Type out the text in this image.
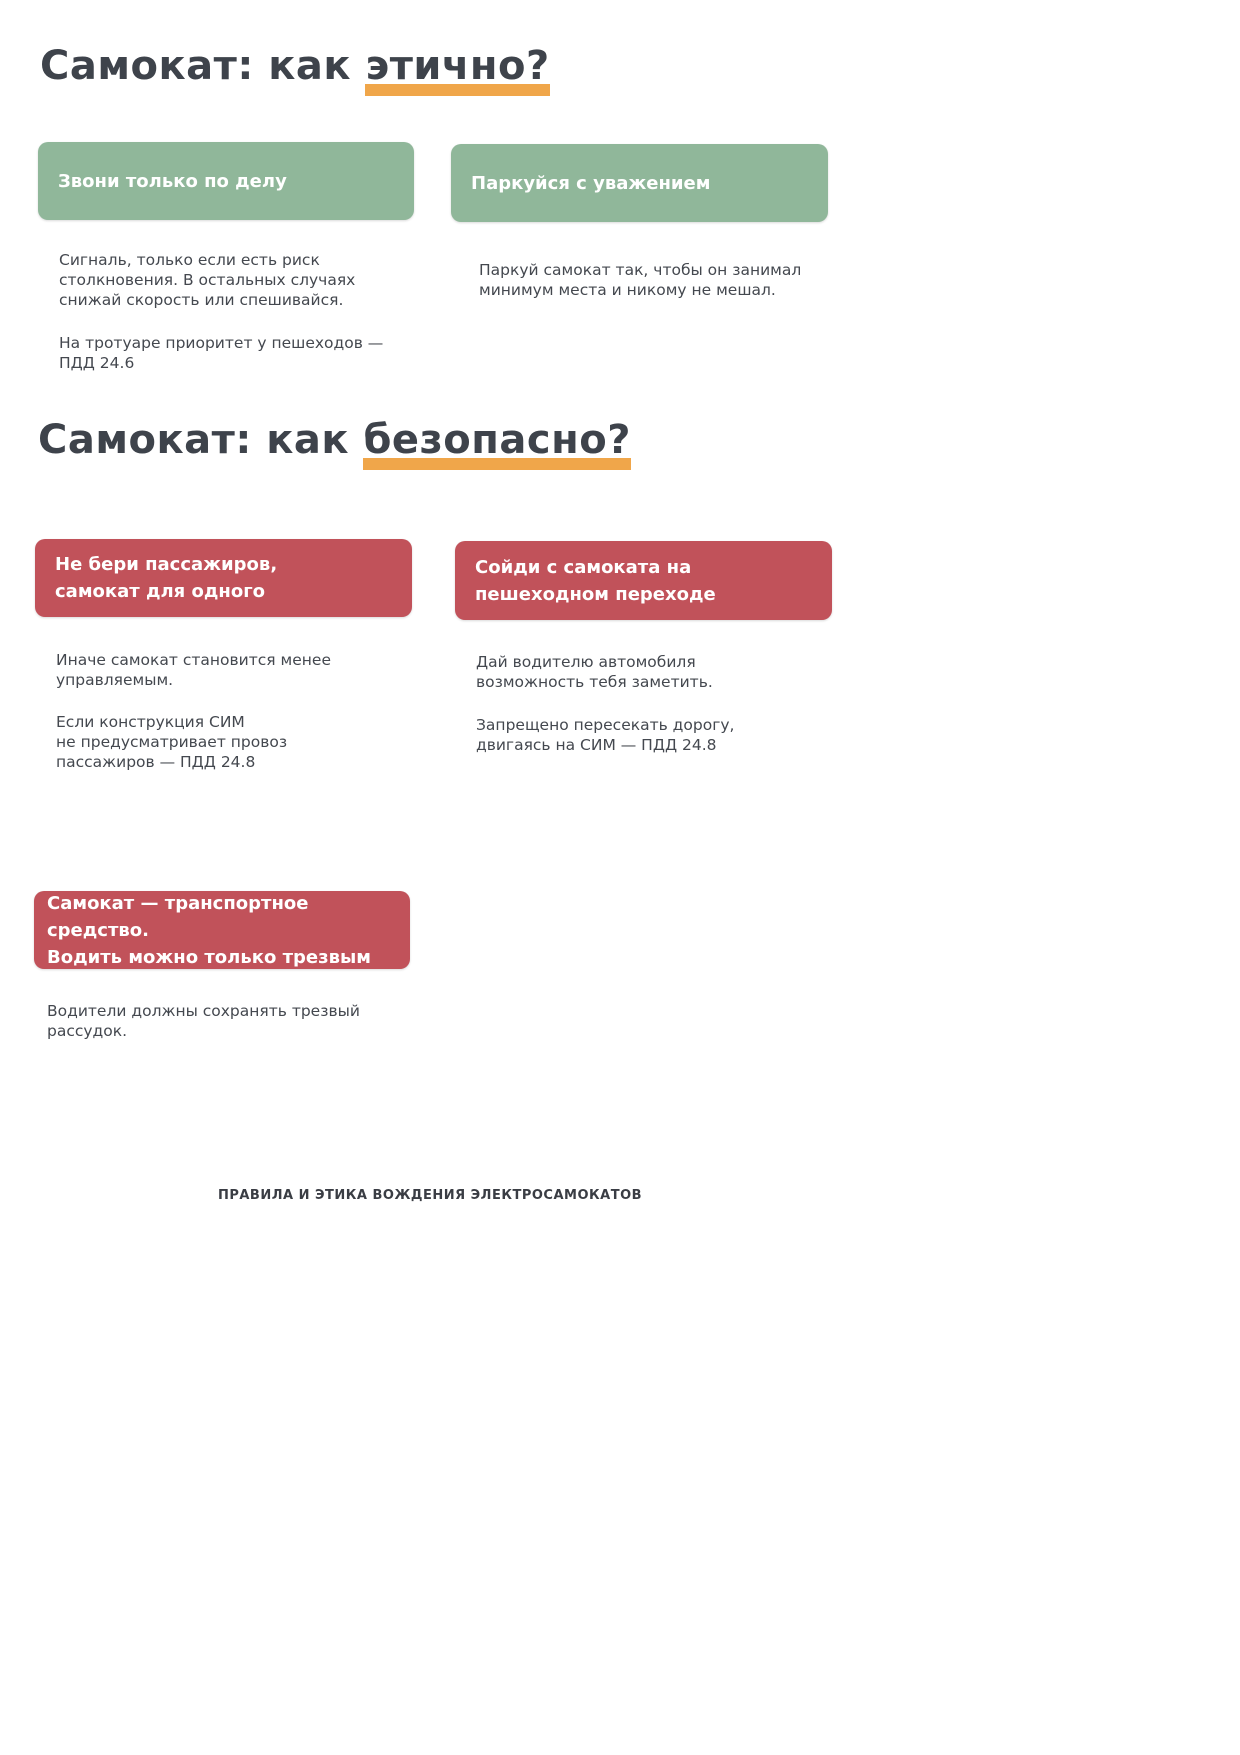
Самокат: как этично?
Звони только по делу

Сигналь, только если есть риск
столкновения. В остальных случаях
снижай скорость или спешивайся.

На тротуаре приоритет у пешеходов —
ПДД 24.6

Паркуйся с уважением

Паркуй самокат так, чтобы он занимал
минимум места и никому не мешал.

Самокат: как безопасно?
Не бери пассажиров,
самокат для одного

Иначе самокат становится менее
управляемым.

Если конструкция СИМ
не предусматривает провоз
пассажиров — ПДД 24.8

Сойди с самоката на
пешеходном переходе

Дай водителю автомобиля
возможность тебя заметить.

Запрещено пересекать дорогу,
двигаясь на СИМ — ПДД 24.8

Самокат — транспортное средство.
Водить можно только трезвым

Водители должны сохранять трезвый
рассудок.

ПРАВИЛА И ЭТИКА ВОЖДЕНИЯ ЭЛЕКТРОСАМОКАТОВ
